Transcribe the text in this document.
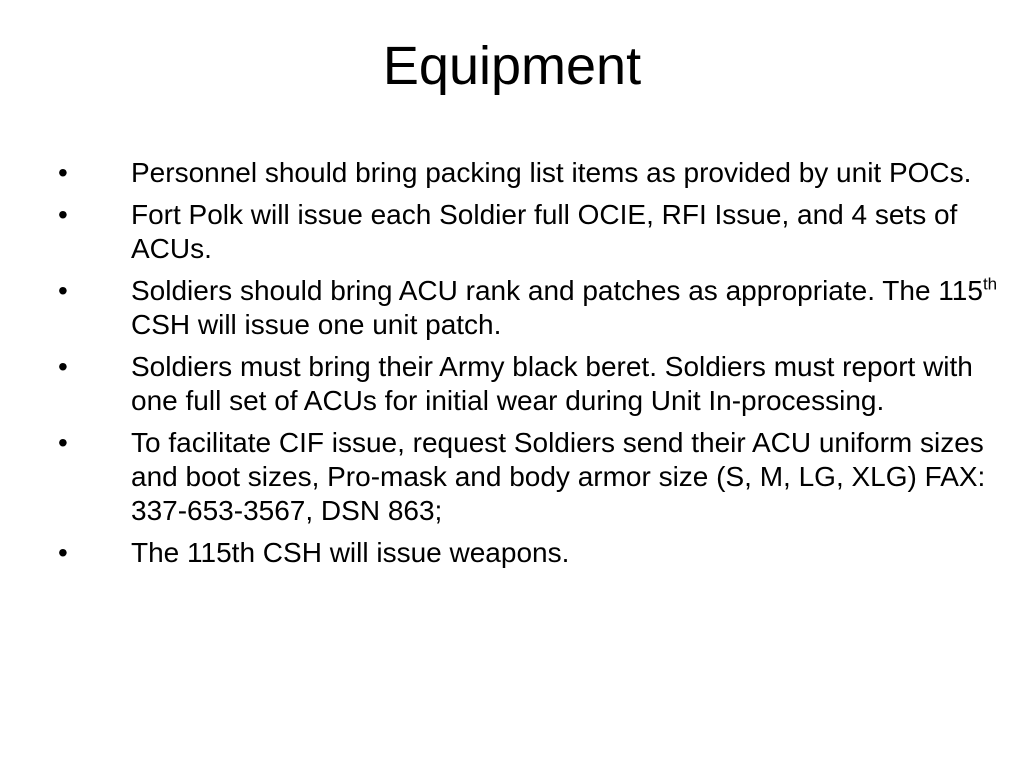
Equipment
•	Personnel should bring packing list items as provided by unit POCs.
•	Fort Polk will issue each Soldier full OCIE, RFI Issue, and 4 sets of ACUs.
•	Soldiers should bring ACU rank and patches as appropriate. The 115th CSH will issue one unit patch.
•	Soldiers must bring their Army black beret. Soldiers must report with one full set of ACUs for initial wear during Unit In-processing.
•	To facilitate CIF issue, request Soldiers send their ACU uniform sizes and boot sizes, Pro-mask and body armor size (S, M, LG, XLG) FAX: 337-653-3567, DSN 863;
•	The 115th CSH will issue weapons.
